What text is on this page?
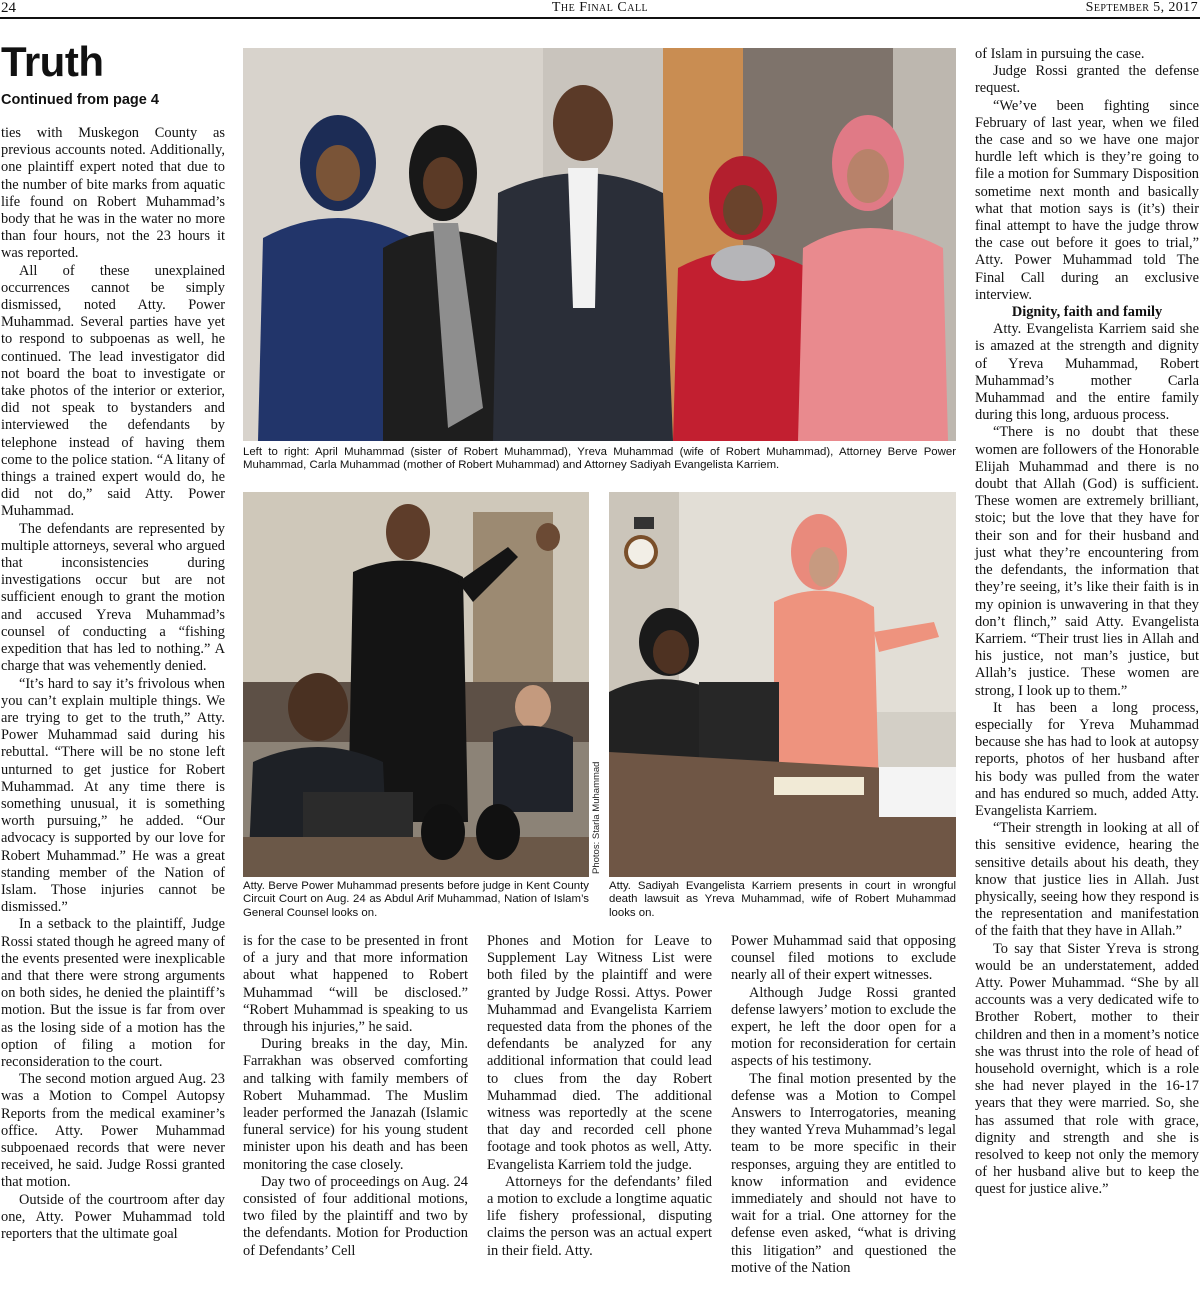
24	The Final Call	September 5, 2017
Truth
Continued from page 4

ties with Muskegon County as previous accounts noted. Additionally, one plaintiff expert noted that due to the number of bite marks from aquatic life found on Robert Muhammad’s body that he was in the water no more than four hours, not the 23 hours it was reported.

All of these unexplained occurrences cannot be simply dismissed, noted Atty. Power Muhammad. Several parties have yet to respond to subpoenas as well, he continued. The lead investigator did not board the boat to investigate or take photos of the interior or exterior, did not speak to bystanders and interviewed the defendants by telephone instead of having them come to the police station. “A litany of things a trained expert would do, he did not do,” said Atty. Power Muhammad.

The defendants are represented by multiple attorneys, several who argued that inconsistencies during investigations occur but are not sufficient enough to grant the motion and accused Yreva Muhammad’s counsel of conducting a “fishing expedition that has led to nothing.” A charge that was vehemently denied.

“It’s hard to say it’s frivolous when you can’t explain multiple things. We are trying to get to the truth,” Atty. Power Muhammad said during his rebuttal. “There will be no stone left unturned to get justice for Robert Muhammad. At any time there is something unusual, it is something worth pursuing,” he added. “Our advocacy is supported by our love for Robert Muhammad.” He was a great standing member of the Nation of Islam. Those injuries cannot be dismissed.”

In a setback to the plaintiff, Judge Rossi stated though he agreed many of the events presented were inexplicable and that there were strong arguments on both sides, he denied the plaintiff’s motion. But the issue is far from over as the losing side of a motion has the option of filing a motion for reconsideration to the court.

The second motion argued Aug. 23 was a Motion to Compel Autopsy Reports from the medical examiner’s office. Atty. Power Muhammad subpoenaed records that were never received, he said. Judge Rossi granted that motion.

Outside of the courtroom after day one, Atty. Power Muhammad told reporters that the ultimate goal

Left to right: April Muhammad (sister of Robert Muhammad), Yreva Muhammad (wife of Robert Muhammad), Attorney Berve Power Muhammad, Carla Muhammad (mother of Robert Muhammad) and Attorney Sadiyah Evangelista Karriem.
Photos: Starla Muhammad
Atty. Berve Power Muhammad presents before judge in Kent County Circuit Court on Aug. 24 as Abdul Arif Muhammad, Nation of Islam’s General Counsel looks on.
Atty. Sadiyah Evangelista Karriem presents in court in wrongful death lawsuit as Yreva Muhammad, wife of Robert Muhammad looks on.

is for the case to be presented in front of a jury and that more information about what happened to Robert Muhammad “will be disclosed.” “Robert Muhammad is speaking to us through his injuries,” he said.

During breaks in the day, Min. Farrakhan was observed comforting and talking with family members of Robert Muhammad. The Muslim leader performed the Janazah (Islamic funeral service) for his young student minister upon his death and has been monitoring the case closely.

Day two of proceedings on Aug. 24 consisted of four additional motions, two filed by the plaintiff and two by the defendants. Motion for Production of Defendants’ Cell

Phones and Motion for Leave to Supplement Lay Witness List were both filed by the plaintiff and were granted by Judge Rossi. Attys. Power Muhammad and Evangelista Karriem requested data from the phones of the defendants be analyzed for any additional information that could lead to clues from the day Robert Muhammad died. The additional witness was reportedly at the scene that day and recorded cell phone footage and took photos as well, Atty. Evangelista Karriem told the judge.

Attorneys for the defendants’ filed a motion to exclude a longtime aquatic life fishery professional, disputing claims the person was an actual expert in their field. Atty.

Power Muhammad said that opposing counsel filed motions to exclude nearly all of their expert witnesses.

Although Judge Rossi granted defense lawyers’ motion to exclude the expert, he left the door open for a motion for reconsideration for certain aspects of his testimony.

The final motion presented by the defense was a Motion to Compel Answers to Interrogatories, meaning they wanted Yreva Muhammad’s legal team to be more specific in their responses, arguing they are entitled to know information and evidence immediately and should not have to wait for a trial. One attorney for the defense even asked, “what is driving this litigation” and questioned the motive of the Nation

of Islam in pursuing the case.

Judge Rossi granted the defense request.

“We’ve been fighting since February of last year, when we filed the case and so we have one major hurdle left which is they’re going to file a motion for Summary Disposition sometime next month and basically what that motion says is (it’s) their final attempt to have the judge throw the case out before it goes to trial,” Atty. Power Muhammad told The Final Call during an exclusive interview.

Dignity, faith and family

Atty. Evangelista Karriem said she is amazed at the strength and dignity of Yreva Muhammad, Robert Muhammad’s mother Carla Muhammad and the entire family during this long, arduous process.

“There is no doubt that these women are followers of the Honorable Elijah Muhammad and there is no doubt that Allah (God) is sufficient. These women are extremely brilliant, stoic; but the love that they have for their son and for their husband and just what they’re encountering from the defendants, the information that they’re seeing, it’s like their faith is in my opinion is unwavering in that they don’t flinch,” said Atty. Evangelista Karriem. “Their trust lies in Allah and his justice, not man’s justice, but Allah’s justice. These women are strong, I look up to them.”

It has been a long process, especially for Yreva Muhammad because she has had to look at autopsy reports, photos of her husband after his body was pulled from the water and has endured so much, added Atty. Evangelista Karriem.

“Their strength in looking at all of this sensitive evidence, hearing the sensitive details about his death, they know that justice lies in Allah. Just physically, seeing how they respond is the representation and manifestation of the faith that they have in Allah.”

To say that Sister Yreva is strong would be an understatement, added Atty. Power Muhammad. “She by all accounts was a very dedicated wife to Brother Robert, mother to their children and then in a moment’s notice she was thrust into the role of head of household overnight, which is a role she had never played in the 16-17 years that they were married. So, she has assumed that role with grace, dignity and strength and she is resolved to keep not only the memory of her husband alive but to keep the quest for justice alive.”
